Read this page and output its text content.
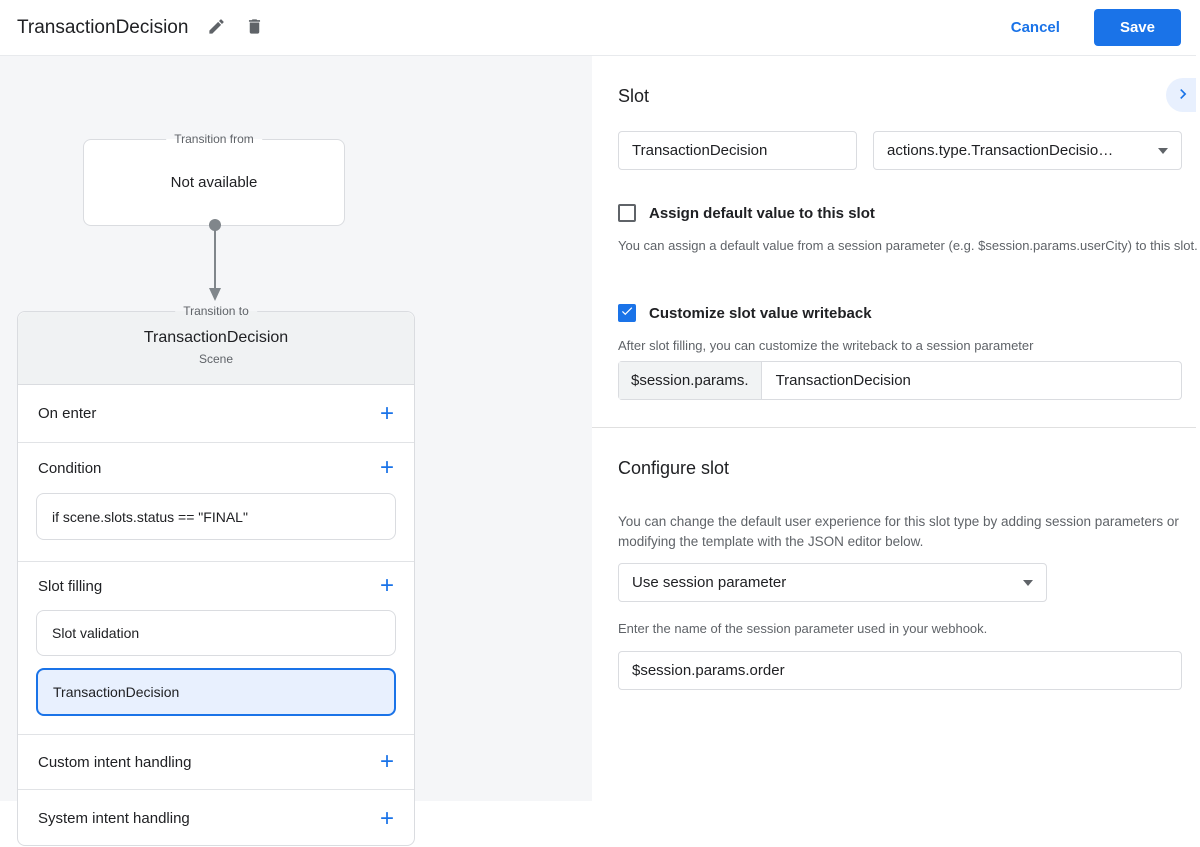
TransactionDecision	Cancel	Save
Transition from
Not available
Transition to
TransactionDecision
Scene
On enter	+
Condition	+
if scene.slots.status == "FINAL"
Slot filling	+
Slot validation
TransactionDecision
Custom intent handling	+
System intent handling	+
Slot
TransactionDecision	actions.type.TransactionDecisio…
Assign default value to this slot
You can assign a default value from a session parameter (e.g. $session.params.userCity) to this slot.
Customize slot value writeback
After slot filling, you can customize the writeback to a session parameter
$session.params.	TransactionDecision
Configure slot
You can change the default user experience for this slot type by adding session parameters or modifying the template with the JSON editor below.
Use session parameter
Enter the name of the session parameter used in your webhook.
$session.params.order
